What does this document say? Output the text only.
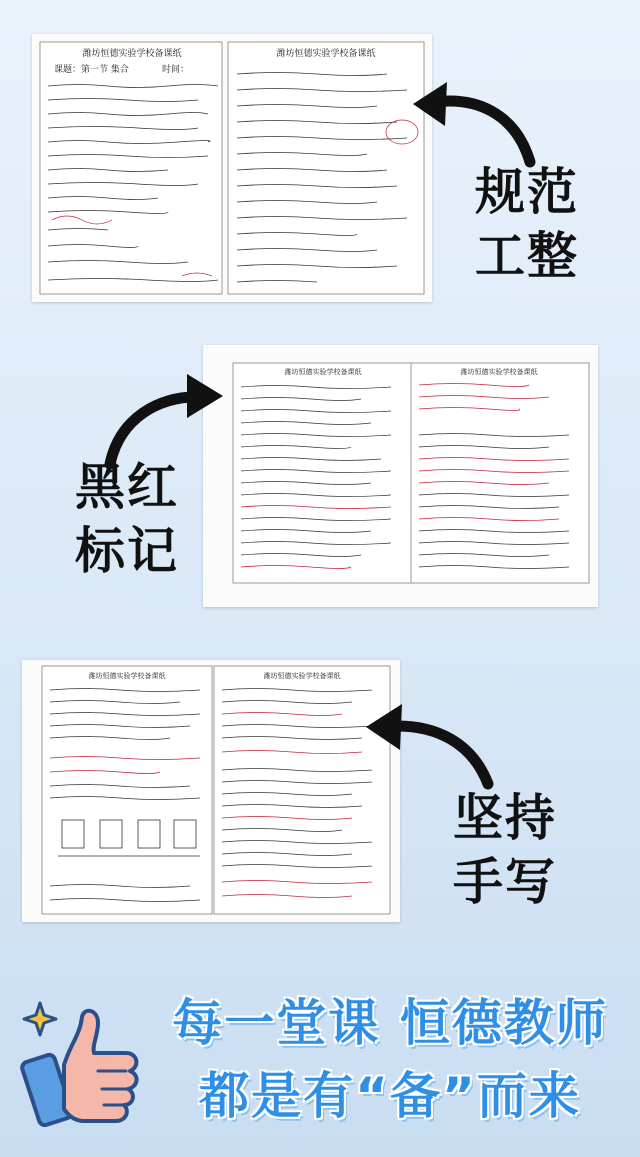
潍坊恒德实验学校备课纸	潍坊恒德实验学校备课纸
课题：第一节 集合	时间：
规范
工整
潍坊恒德实验学校备课纸	潍坊恒德实验学校备课纸
黑红
标记
潍坊恒德实验学校备课纸	潍坊恒德实验学校备课纸
坚持
手写
每一堂课 恒德教师
都是有“备”而来
